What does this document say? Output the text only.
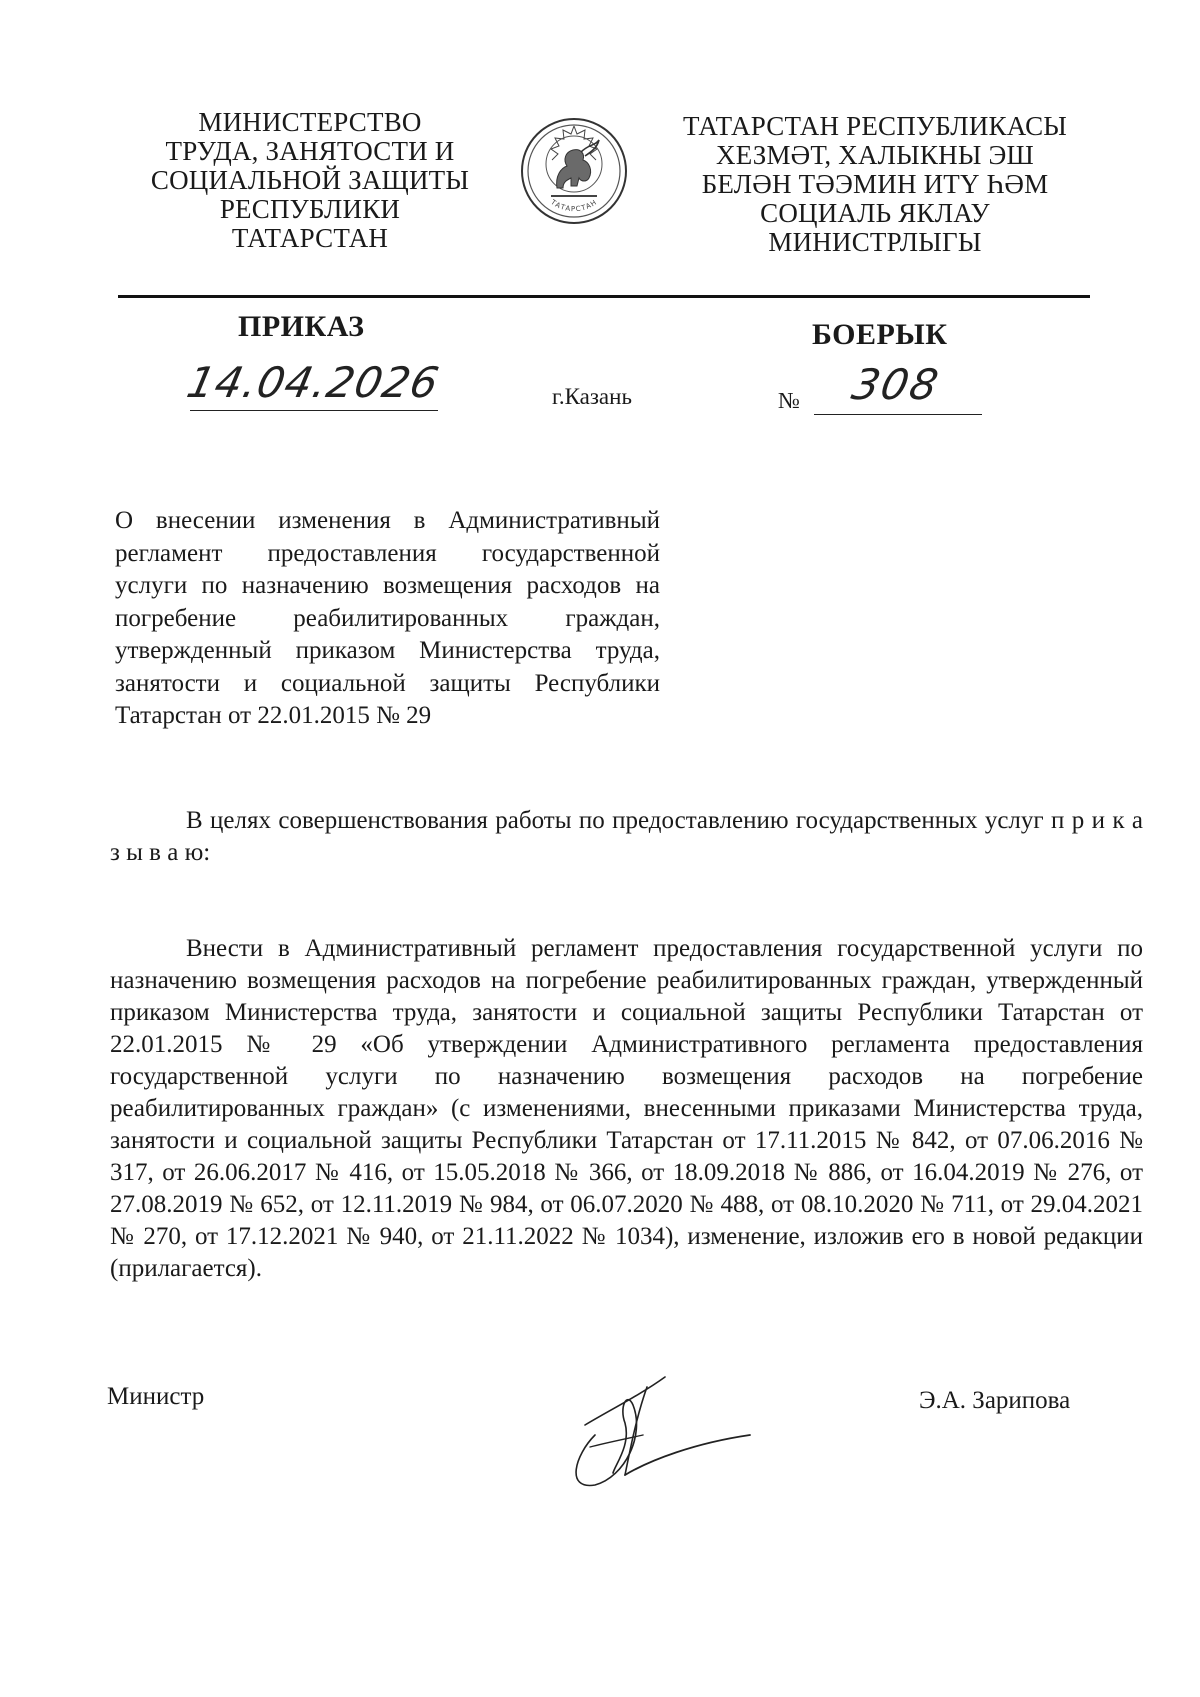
МИНИСТЕРСТВО
ТРУДА, ЗАНЯТОСТИ И
СОЦИАЛЬНОЙ ЗАЩИТЫ
РЕСПУБЛИКИ
ТАТАРСТАН
ТАТАРСТАН
ТАТАРСТАН РЕСПУБЛИКАСЫ
ХЕЗМӘТ, ХАЛЫКНЫ ЭШ
БЕЛӘН ТӘЭМИН ИТҮ ҺӘМ
СОЦИАЛЬ ЯКЛАУ
МИНИСТРЛЫГЫ
ПРИКАЗ	БОЕРЫК
14.04.2026	г.Казань	№	308
О внесении изменения в Административный регламент предоставления государственной услуги по назначению возмещения расходов на погребение реабилитированных граждан, утвержденный приказом Министерства труда, занятости и социальной защиты Республики Татарстан от 22.01.2015 № 29
В целях совершенствования работы по предоставлению государственных услуг п р и к а з ы в а ю:
Внести в Административный регламент предоставления государственной услуги по назначению возмещения расходов на погребение реабилитированных граждан, утвержденный приказом Министерства труда, занятости и социальной защиты Республики Татарстан от 22.01.2015 № 29 «Об утверждении Административного регламента предоставления государственной услуги по назначению возмещения расходов на погребение реабилитированных граждан» (с изменениями, внесенными приказами Министерства труда, занятости и социальной защиты Республики Татарстан от 17.11.2015 № 842, от 07.06.2016 № 317, от 26.06.2017 № 416, от 15.05.2018 № 366, от 18.09.2018 № 886, от 16.04.2019 № 276, от 27.08.2019 № 652, от 12.11.2019 № 984, от 06.07.2020 № 488, от 08.10.2020 № 711, от 29.04.2021 № 270, от 17.12.2021 № 940, от 21.11.2022 № 1034), изменение, изложив его в новой редакции (прилагается).
Министр	Э.А. Зарипова
